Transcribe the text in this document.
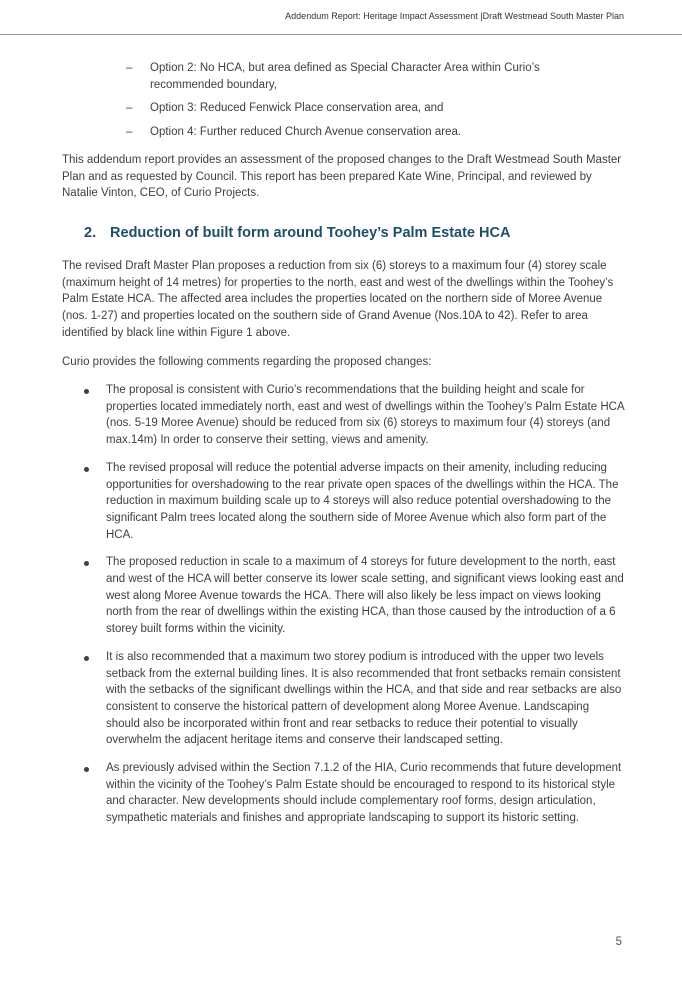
Addendum Report: Heritage Impact Assessment |Draft Westmead South Master Plan
– Option 2: No HCA, but area defined as Special Character Area within Curio’s recommended boundary,
– Option 3: Reduced Fenwick Place conservation area, and
– Option 4: Further reduced Church Avenue conservation area.
This addendum report provides an assessment of the proposed changes to the Draft Westmead South Master Plan and as requested by Council. This report has been prepared Kate Wine, Principal, and reviewed by Natalie Vinton, CEO, of Curio Projects.
2. Reduction of built form around Toohey’s Palm Estate HCA
The revised Draft Master Plan proposes a reduction from six (6) storeys to a maximum four (4) storey scale (maximum height of 14 metres) for properties to the north, east and west of the dwellings within the Toohey’s Palm Estate HCA. The affected area includes the properties located on the northern side of Moree Avenue (nos. 1-27) and properties located on the southern side of Grand Avenue (Nos.10A to 42). Refer to area identified by black line within Figure 1 above.
Curio provides the following comments regarding the proposed changes:
The proposal is consistent with Curio’s recommendations that the building height and scale for properties located immediately north, east and west of dwellings within the Toohey’s Palm Estate HCA (nos. 5-19 Moree Avenue) should be reduced from six (6) storeys to maximum four (4) storeys (and max.14m) In order to conserve their setting, views and amenity.
The revised proposal will reduce the potential adverse impacts on their amenity, including reducing opportunities for overshadowing to the rear private open spaces of the dwellings within the HCA. The reduction in maximum building scale up to 4 storeys will also reduce potential overshadowing to the significant Palm trees located along the southern side of Moree Avenue which also form part of the HCA.
The proposed reduction in scale to a maximum of 4 storeys for future development to the north, east and west of the HCA will better conserve its lower scale setting, and significant views looking east and west along Moree Avenue towards the HCA. There will also likely be less impact on views looking north from the rear of dwellings within the existing HCA, than those caused by the introduction of a 6 storey built forms within the vicinity.
It is also recommended that a maximum two storey podium is introduced with the upper two levels setback from the external building lines. It is also recommended that front setbacks remain consistent with the setbacks of the significant dwellings within the HCA, and that side and rear setbacks are also consistent to conserve the historical pattern of development along Moree Avenue. Landscaping should also be incorporated within front and rear setbacks to reduce their potential to visually overwhelm the adjacent heritage items and conserve their landscaped setting.
As previously advised within the Section 7.1.2 of the HIA, Curio recommends that future development within the vicinity of the Toohey’s Palm Estate should be encouraged to respond to its historical style and character. New developments should include complementary roof forms, design articulation, sympathetic materials and finishes and appropriate landscaping to support its historic setting.
5
